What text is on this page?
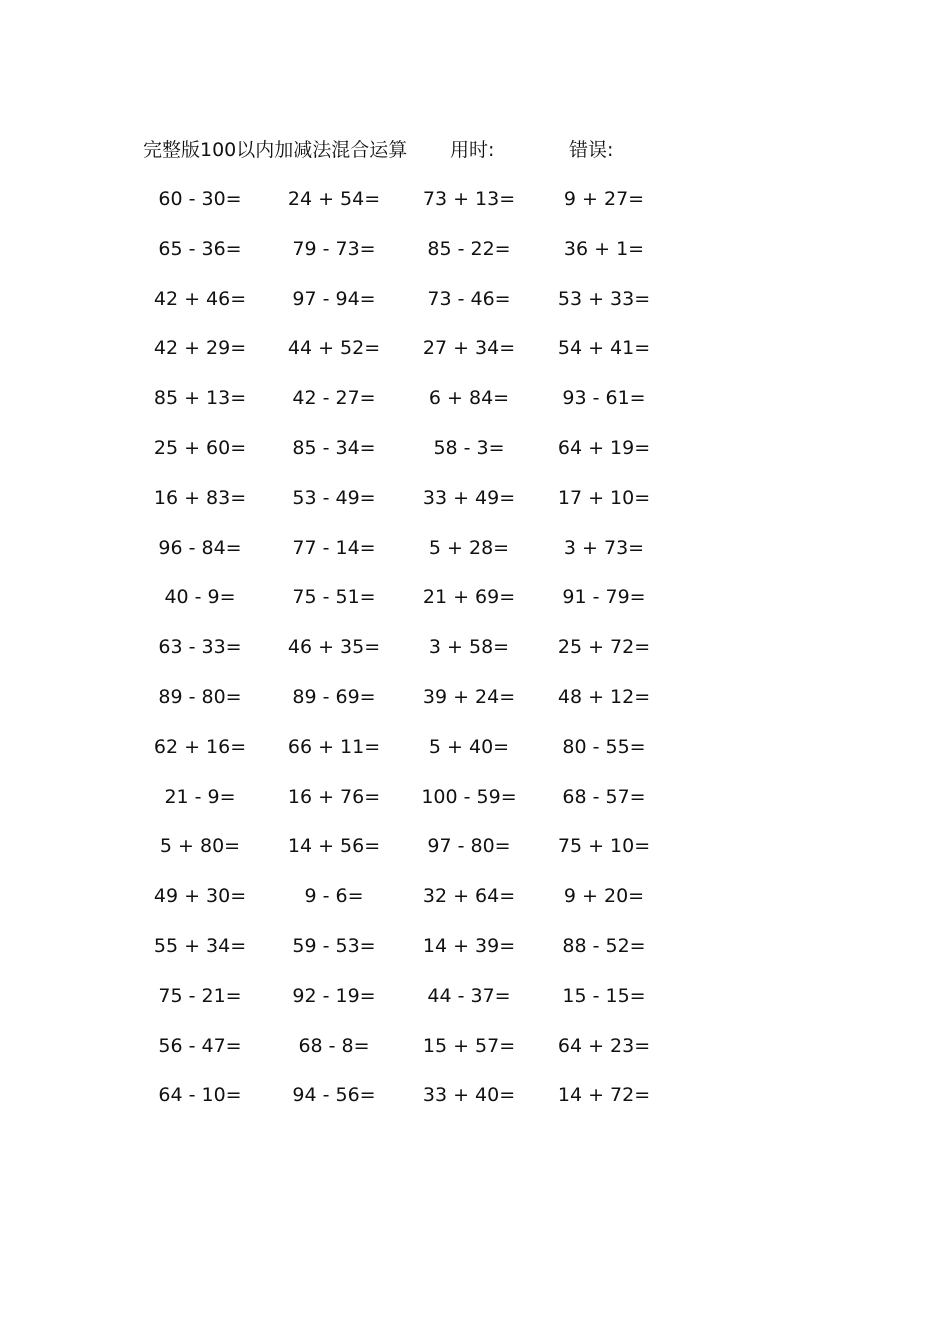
完整版100以内加减法混合运算 用时:	错误:
60 - 30=	24 + 54=	73 + 13=	9 + 27=
65 - 36=	79 - 73=	85 - 22=	36 + 1=
42 + 46=	97 - 94=	73 - 46=	53 + 33=
42 + 29=	44 + 52=	27 + 34=	54 + 41=
85 + 13=	42 - 27=	6 + 84=	93 - 61=
25 + 60=	85 - 34=	58 - 3=	64 + 19=
16 + 83=	53 - 49=	33 + 49=	17 + 10=
96 - 84=	77 - 14=	5 + 28=	3 + 73=
40 - 9=	75 - 51=	21 + 69=	91 - 79=
63 - 33=	46 + 35=	3 + 58=	25 + 72=
89 - 80=	89 - 69=	39 + 24=	48 + 12=
62 + 16=	66 + 11=	5 + 40=	80 - 55=
21 - 9=	16 + 76=	100 - 59=	68 - 57=
5 + 80=	14 + 56=	97 - 80=	75 + 10=
49 + 30=	9 - 6=	32 + 64=	9 + 20=
55 + 34=	59 - 53=	14 + 39=	88 - 52=
75 - 21=	92 - 19=	44 - 37=	15 - 15=
56 - 47=	68 - 8=	15 + 57=	64 + 23=
64 - 10=	94 - 56=	33 + 40=	14 + 72=
